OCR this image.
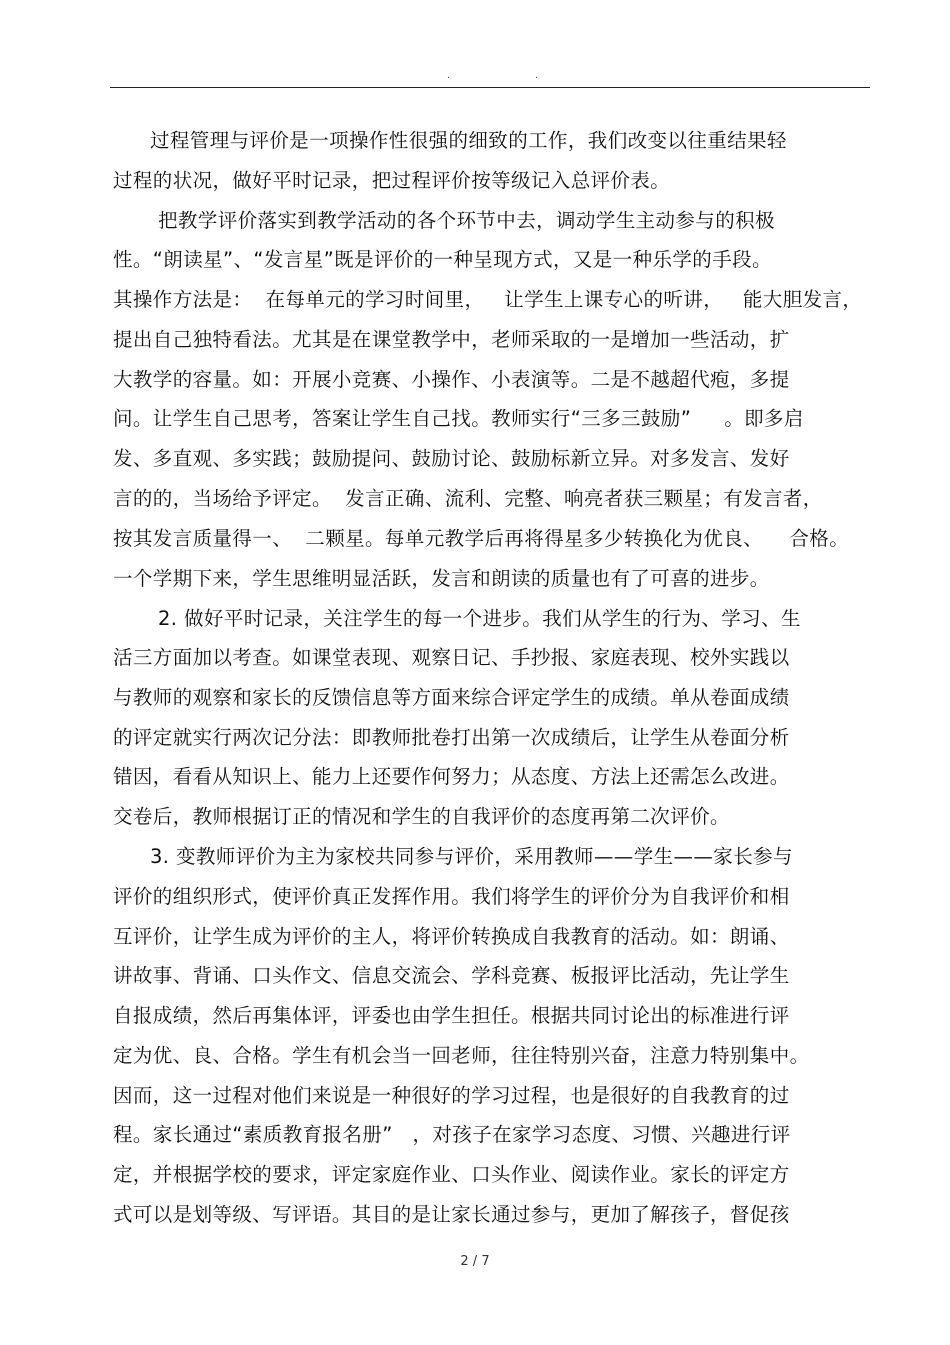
.	.
过程管理与评价是一项操作性很强的细致的工作，我们改变以往重结果轻
过程的状况，做好平时记录，把过程评价按等级记入总评价表。
把教学评价落实到教学活动的各个环节中去，调动学生主动参与的积极
性。“朗读星”、“发言星”既是评价的一种呈现方式，又是一种乐学的手段。
其操作方法是：  在每单元的学习时间里，   让学生上课专心的听讲，   能大胆发言，
提出自己独特看法。尤其是在课堂教学中，老师采取的一是增加一些活动，扩
大教学的容量。如：开展小竞赛、小操作、小表演等。二是不越超代疱，多提
问。让学生自己思考，答案让学生自己找。教师实行“三多三鼓励”     。即多启
发、多直观、多实践；鼓励提问、鼓励讨论、鼓励标新立异。对多发言、发好
言的的，当场给予评定。  发言正确、流利、完整、响亮者获三颗星；有发言者，
按其发言质量得一、  二颗星。每单元教学后再将得星多少转换化为优良、    合格。
一个学期下来，学生思维明显活跃，发言和朗读的质量也有了可喜的进步。
2. 做好平时记录，关注学生的每一个进步。我们从学生的行为、学习、生
活三方面加以考查。如课堂表现、观察日记、手抄报、家庭表现、校外实践以
与教师的观察和家长的反馈信息等方面来综合评定学生的成绩。单从卷面成绩
的评定就实行两次记分法：即教师批卷打出第一次成绩后，让学生从卷面分析
错因，看看从知识上、能力上还要作何努力；从态度、方法上还需怎么改进。
交卷后，教师根据订正的情况和学生的自我评价的态度再第二次评价。
3. 变教师评价为主为家校共同参与评价，采用教师——学生——家长参与
评价的组织形式，使评价真正发挥作用。我们将学生的评价分为自我评价和相
互评价，让学生成为评价的主人，将评价转换成自我教育的活动。如：朗诵、
讲故事、背诵、口头作文、信息交流会、学科竞赛、板报评比活动，先让学生
自报成绩，然后再集体评，评委也由学生担任。根据共同讨论出的标准进行评
定为优、良、合格。学生有机会当一回老师，往往特别兴奋，注意力特别集中。
因而，这一过程对他们来说是一种很好的学习过程，也是很好的自我教育的过
程。家长通过“素质教育报名册”   ，对孩子在家学习态度、习惯、兴趣进行评
定，并根据学校的要求，评定家庭作业、口头作业、阅读作业。家长的评定方
式可以是划等级、写评语。其目的是让家长通过参与，更加了解孩子，督促孩
2 / 7
